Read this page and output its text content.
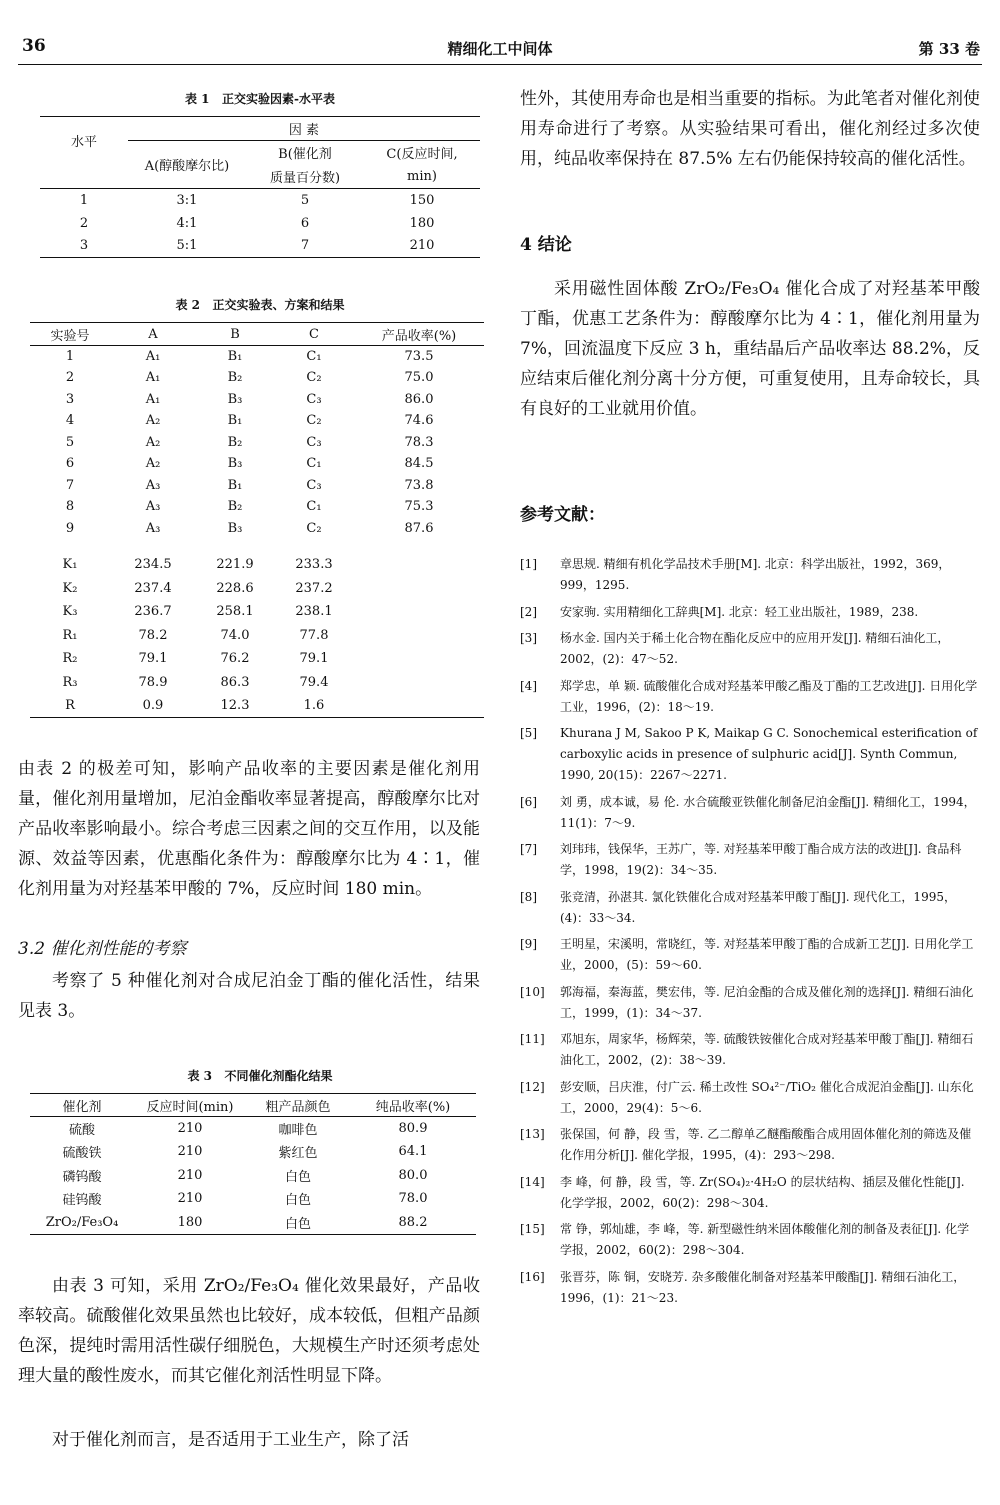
36	精细化工中间体	第 33 卷
表 1   正交实验因素-水平表
水平	因 素		
	A(醇酸摩尔比)	B(催化剂	C(反应时间,
		质量百分数)	min)
1	3:1	5	150
2	4:1	6	180
3	5:1	7	210
表 2   正交实验表、方案和结果
实验号	A	B	C	产品收率(%)
1	A₁	B₁	C₁	73.5
2	A₁	B₂	C₂	75.0
3	A₁	B₃	C₃	86.0
4	A₂	B₁	C₂	74.6
5	A₂	B₂	C₃	78.3
6	A₂	B₃	C₁	84.5
7	A₃	B₁	C₃	73.8
8	A₃	B₂	C₁	75.3
9	A₃	B₃	C₂	87.6

K₁	234.5	221.9	233.3	
K₂	237.4	228.6	237.2	
K₃	236.7	258.1	238.1	
R₁	78.2	74.0	77.8	
R₂	79.1	76.2	79.1	
R₃	78.9	86.3	79.4	
R	0.9	12.3	1.6	
由表 2 的极差可知，影响产品收率的主要因素是催化剂用量，催化剂用量增加，尼泊金酯收率显著提高，醇酸摩尔比对产品收率影响最小。综合考虑三因素之间的交互作用，以及能源、效益等因素，优惠酯化条件为：醇酸摩尔比为 4∶1，催化剂用量为对羟基苯甲酸的 7%，反应时间 180 min。
3.2 催化剂性能的考察
考察了 5 种催化剂对合成尼泊金丁酯的催化活性，结果见表 3。
表 3   不同催化剂酯化结果
催化剂	反应时间(min)	粗产品颜色	纯品收率(%)
硫酸	210	咖啡色	80.9
硫酸铁	210	紫红色	64.1
磷钨酸	210	白色	80.0
硅钨酸	210	白色	78.0
ZrO₂/Fe₃O₄	180	白色	88.2
由表 3 可知，采用 ZrO₂/Fe₃O₄ 催化效果最好，产品收率较高。硫酸催化效果虽然也比较好，成本较低，但粗产品颜色深，提纯时需用活性碳仔细脱色，大规模生产时还须考虑处理大量的酸性废水，而其它催化剂活性明显下降。
对于催化剂而言，是否适用于工业生产，除了活
性外，其使用寿命也是相当重要的指标。为此笔者对催化剂使用寿命进行了考察。从实验结果可看出，催化剂经过多次使用，纯品收率保持在 87.5% 左右仍能保持较高的催化活性。
4 结论
采用磁性固体酸 ZrO₂/Fe₃O₄ 催化合成了对羟基苯甲酸丁酯，优惠工艺条件为：醇酸摩尔比为 4∶1，催化剂用量为 7%，回流温度下反应 3 h，重结晶后产品收率达 88.2%，反应结束后催化剂分离十分方便，可重复使用，且寿命较长，具有良好的工业就用价值。
参考文献：
[1] 章思规. 精细有机化学品技术手册[M]. 北京：科学出版社，1992，369，999，1295.
[2] 安家驹. 实用精细化工辞典[M]. 北京：轻工业出版社，1989，238.
[3] 杨水金. 国内关于稀土化合物在酯化反应中的应用开发[J]. 精细石油化工，2002，(2)：47～52.
[4] 郑学忠，单 颖. 硫酸催化合成对羟基苯甲酸乙酯及丁酯的工艺改进[J]. 日用化学工业，1996，(2)：18～19.
[5] Khurana J M, Sakoo P K, Maikap G C. Sonochemical esterification of carboxylic acids in presence of sulphuric acid[J]. Synth Commun, 1990, 20(15)：2267～2271.
[6] 刘 勇，成本诚，易 伦. 水合硫酸亚铁催化制备尼泊金酯[J]. 精细化工，1994，11(1)：7～9.
[7] 刘玮玮，钱保华，王苏广，等. 对羟基苯甲酸丁酯合成方法的改进[J]. 食品科学，1998，19(2)：34～35.
[8] 张竞清，孙湛其. 氯化铁催化合成对羟基苯甲酸丁酯[J]. 现代化工，1995，(4)：33～34.
[9] 王明星，宋溪明，常晓红，等. 对羟基苯甲酸丁酯的合成新工艺[J]. 日用化学工业，2000，(5)：59～60.
[10] 郭海福，秦海蓝，樊宏伟，等. 尼泊金酯的合成及催化剂的选择[J]. 精细石油化工，1999，(1)：34～37.
[11] 邓旭东，周家华，杨辉荣，等. 硫酸铁铵催化合成对羟基苯甲酸丁酯[J]. 精细石油化工，2002，(2)：38～39.
[12] 彭安顺，吕庆淮，付广云. 稀土改性 SO₄²⁻/TiO₂ 催化合成泥泊金酯[J]. 山东化工，2000，29(4)：5～6.
[13] 张保国，何 静，段 雪，等. 乙二醇单乙醚酯酸酯合成用固体催化剂的筛选及催化作用分析[J]. 催化学报，1995，(4)：293～298.
[14] 李 峰，何 静，段 雪，等. Zr(SO₄)₂·4H₂O 的层状结构、插层及催化性能[J]. 化学学报，2002，60(2)：298～304.
[15] 常 铮，郭灿雄，李 峰，等. 新型磁性纳米固体酸催化剂的制备及表征[J]. 化学学报，2002，60(2)：298～304.
[16] 张晋芬，陈 铜，安晓芳. 杂多酸催化制备对羟基苯甲酸酯[J]. 精细石油化工，1996，(1)：21～23.
